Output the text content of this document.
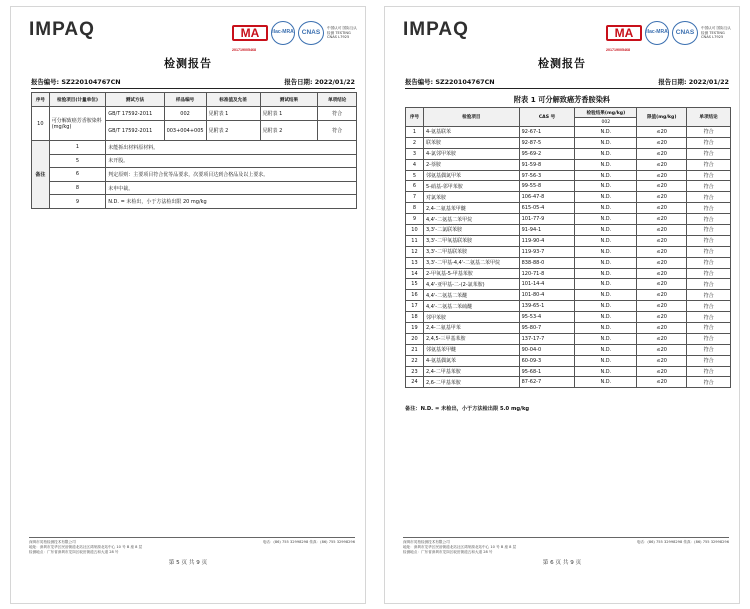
IMPAQ	MA
201719005468
ilac-MRA	CNAS
中国认可 国际互认 检测 TESTING CNAS L7925
检测报告
报告编号: SZ220104767CN	报告日期: 2022/01/22
序号	检验项目(计量单位)	测试方法	样品编号	标准值及允差	测试结果	单项结论
10	可分解致癌芳香胺染料(mg/kg)	GB/T 17592-2011	002	见附表 1	见附表 1	符合
		GB/T 17592-2011	003+004+005	见附表 2	见附表 2	符合
备注	1	未能拆出材料原材料。				
	5	未开股。				
	6	判定原则：主要项目符合优等品要求，次要项目达到合格品及以上要求。				
	8	未申中裁。				
	9	N.D. = 未检出，小于方法检出限 20 mg/kg				
深圳市英柏检测技术有限公司	电话：(86) 755 32998298 传真：(86) 755 32998296
地址：深圳市龙华区民治街道北站社区鸿荣源北站中心 10 号 B 座 8 层
检测地点：广东省深圳市龙岗区坂田街道五和大道 28 号
第 5 页 共 9 页
IMPAQ	MA
201719005468
ilac-MRA	CNAS
中国认可 国际互认 检测 TESTING CNAS L7925
检测报告
报告编号: SZ220104767CN	报告日期: 2022/01/22
附表 1 可分解致癌芳香胺染料
序号	检验项目	CAS 号	检验结果(mg/kg)	限值(mg/kg)	单项结论
			002		
1	4-氨基联苯	92-67-1	N.D.	≤20	符合
2	联苯胺	92-87-5	N.D.	≤20	符合
3	4-氯邻甲苯胺	95-69-2	N.D.	≤20	符合
4	2-萘胺	91-59-8	N.D.	≤20	符合
5	邻氨基偶氮甲苯	97-56-3	N.D.	≤20	符合
6	5-硝基-邻甲苯胺	99-55-8	N.D.	≤20	符合
7	对氯苯胺	106-47-8	N.D.	≤20	符合
8	2,4-二氨基苯甲醚	615-05-4	N.D.	≤20	符合
9	4,4'-二氨基二苯甲烷	101-77-9	N.D.	≤20	符合
10	3,3'-二氯联苯胺	91-94-1	N.D.	≤20	符合
11	3,3'-二甲氧基联苯胺	119-90-4	N.D.	≤20	符合
12	3,3'-二甲基联苯胺	119-93-7	N.D.	≤20	符合
13	3,3'-二甲基-4,4'-二氨基二苯甲烷	838-88-0	N.D.	≤20	符合
14	2-甲氧基-5-甲基苯胺	120-71-8	N.D.	≤20	符合
15	4,4'-亚甲基-二-(2-氯苯胺)	101-14-4	N.D.	≤20	符合
16	4,4'-二氨基二苯醚	101-80-4	N.D.	≤20	符合
17	4,4'-二氨基二苯硫醚	139-65-1	N.D.	≤20	符合
18	邻甲苯胺	95-53-4	N.D.	≤20	符合
19	2,4-二氨基甲苯	95-80-7	N.D.	≤20	符合
20	2,4,5-三甲基苯胺	137-17-7	N.D.	≤20	符合
21	邻氨基苯甲醚	90-04-0	N.D.	≤20	符合
22	4-氨基偶氮苯	60-09-3	N.D.	≤20	符合
23	2,4-二甲基苯胺	95-68-1	N.D.	≤20	符合
24	2,6-二甲基苯胺	87-62-7	N.D.	≤20	符合
备注：N.D. = 未检出，小于方法检出限 5.0 mg/kg
深圳市英柏检测技术有限公司	电话：(86) 755 32998298 传真：(86) 755 32998296
地址：深圳市龙华区民治街道北站社区鸿荣源北站中心 10 号 B 座 8 层
检测地点：广东省深圳市龙岗区坂田街道五和大道 28 号
第 6 页 共 9 页
